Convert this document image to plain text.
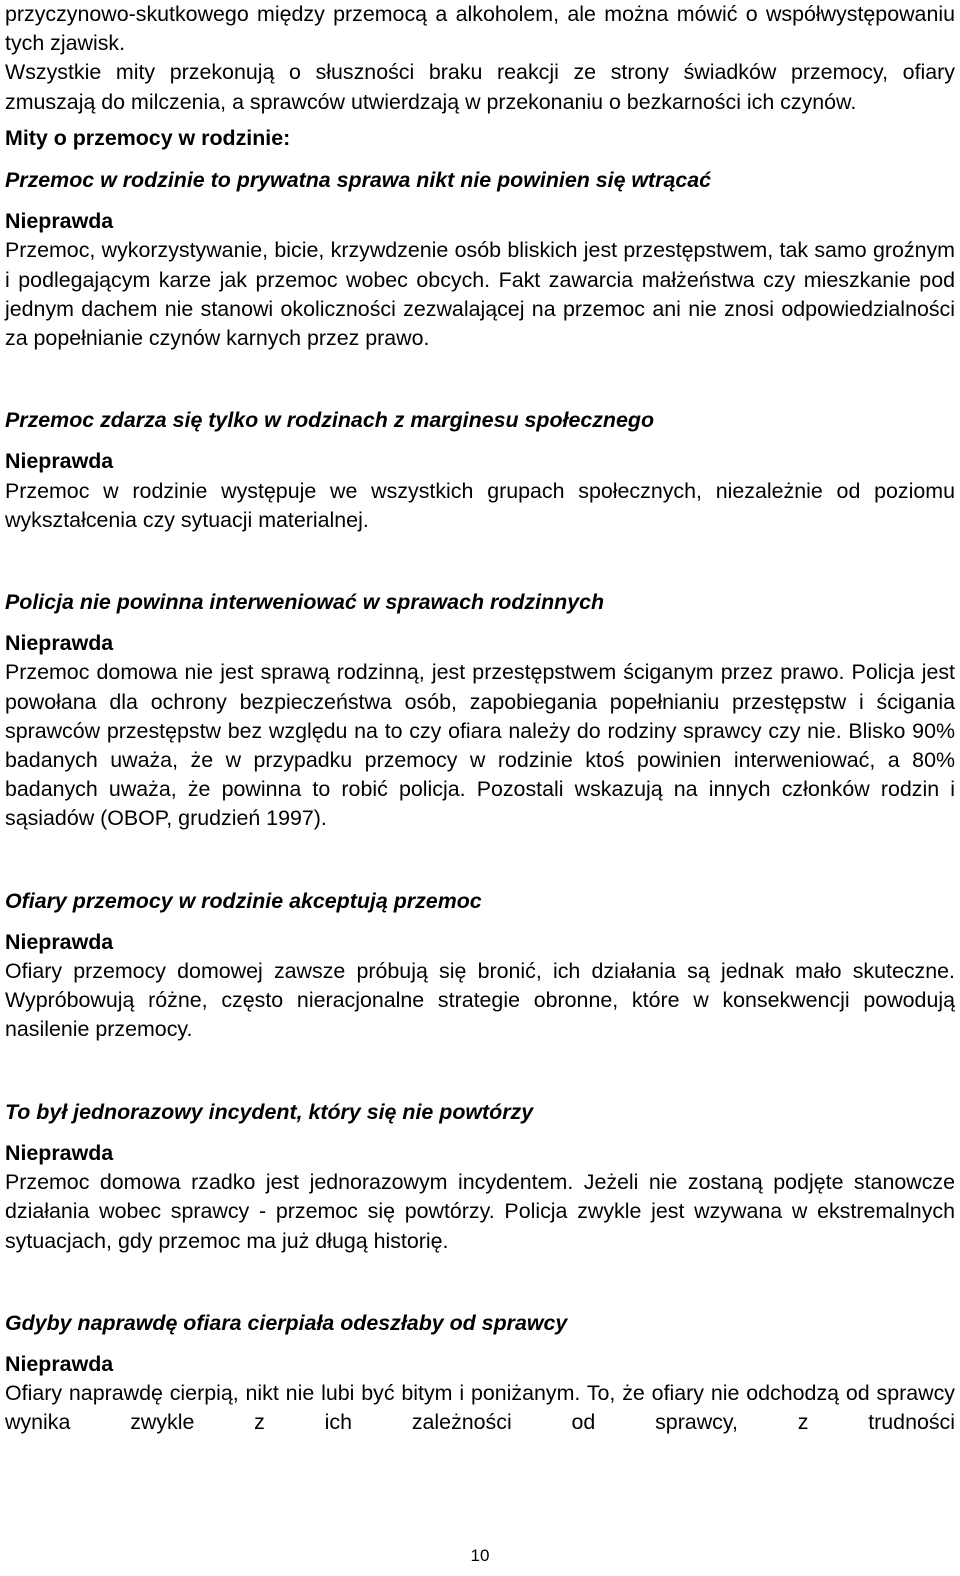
przyczynowo-skutkowego między przemocą a alkoholem, ale można mówić o współwystępowaniu tych zjawisk.

Wszystkie mity przekonują o słuszności braku reakcji ze strony świadków przemocy, ofiary zmuszają do milczenia, a sprawców utwierdzają w przekonaniu o bezkarności ich czynów.

Mity o przemocy w rodzinie:

Przemoc w rodzinie to prywatna sprawa nikt nie powinien się wtrącać

Nieprawda

Przemoc, wykorzystywanie, bicie, krzywdzenie osób bliskich jest przestępstwem, tak samo groźnym i podlegającym karze jak przemoc wobec obcych. Fakt zawarcia małżeństwa czy mieszkanie pod jednym dachem nie stanowi okoliczności zezwalającej na przemoc ani nie znosi odpowiedzialności za popełnianie czynów karnych przez prawo.

Przemoc zdarza się tylko w rodzinach z marginesu społecznego

Nieprawda

Przemoc w rodzinie występuje we wszystkich grupach społecznych, niezależnie od poziomu wykształcenia czy sytuacji materialnej.

Policja nie powinna interweniować w sprawach rodzinnych

Nieprawda

Przemoc domowa nie jest sprawą rodzinną, jest przestępstwem ściganym przez prawo. Policja jest powołana dla ochrony bezpieczeństwa osób, zapobiegania popełnianiu przestępstw i ścigania sprawców przestępstw bez względu na to czy ofiara należy do rodziny sprawcy czy nie. Blisko 90% badanych uważa, że w przypadku przemocy w rodzinie ktoś powinien interweniować, a 80% badanych uważa, że powinna to robić policja. Pozostali wskazują na innych członków rodzin i sąsiadów (OBOP, grudzień 1997).

Ofiary przemocy w rodzinie akceptują przemoc

Nieprawda

Ofiary przemocy domowej zawsze próbują się bronić, ich działania są jednak mało skuteczne. Wypróbowują różne, często nieracjonalne strategie obronne, które w konsekwencji powodują nasilenie przemocy.

To był jednorazowy incydent, który się nie powtórzy

Nieprawda

Przemoc domowa rzadko jest jednorazowym incydentem. Jeżeli nie zostaną podjęte stanowcze działania wobec sprawcy - przemoc się powtórzy. Policja zwykle jest wzywana w ekstremalnych sytuacjach, gdy przemoc ma już długą historię.

Gdyby naprawdę ofiara cierpiała odeszłaby od sprawcy

Nieprawda

Ofiary naprawdę cierpią, nikt nie lubi być bitym i poniżanym. To, że ofiary nie odchodzą od sprawcy wynika zwykle z ich zależności od sprawcy, z trudności

10
